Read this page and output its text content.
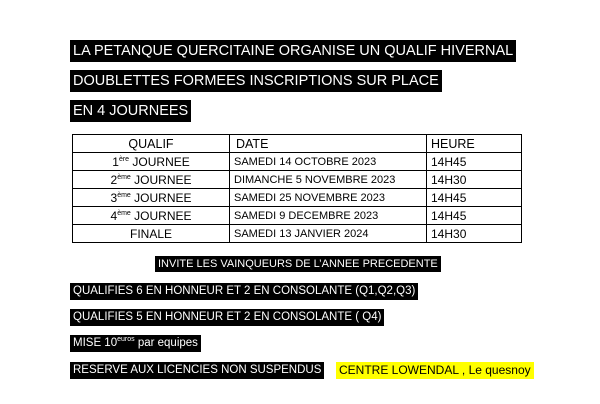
LA PETANQUE QUERCITAINE ORGANISE UN QUALIF HIVERNAL
DOUBLETTES FORMEES INSCRIPTIONS SUR PLACE
EN 4 JOURNEES
QUALIF	DATE	HEURE
1ère JOURNEE	SAMEDI 14 OCTOBRE 2023	14H45
2ème JOURNEE	DIMANCHE 5 NOVEMBRE 2023	14H30
3ème JOURNEE	SAMEDI 25 NOVEMBRE 2023	14H45
4ème JOURNEE	SAMEDI 9 DECEMBRE 2023	14H45
FINALE	SAMEDI 13 JANVIER 2024	14H30
INVITE LES VAINQUEURS DE L’ANNEE PRECEDENTE
QUALIFIES 6 EN HONNEUR ET 2 EN CONSOLANTE (Q1,Q2,Q3)
QUALIFIES 5 EN HONNEUR ET 2 EN CONSOLANTE ( Q4)
MISE $10^{euros}$ par equipes
RESERVE AUX LICENCIES NON SUSPENDUS CENTRE LOWENDAL , Le quesnoy
